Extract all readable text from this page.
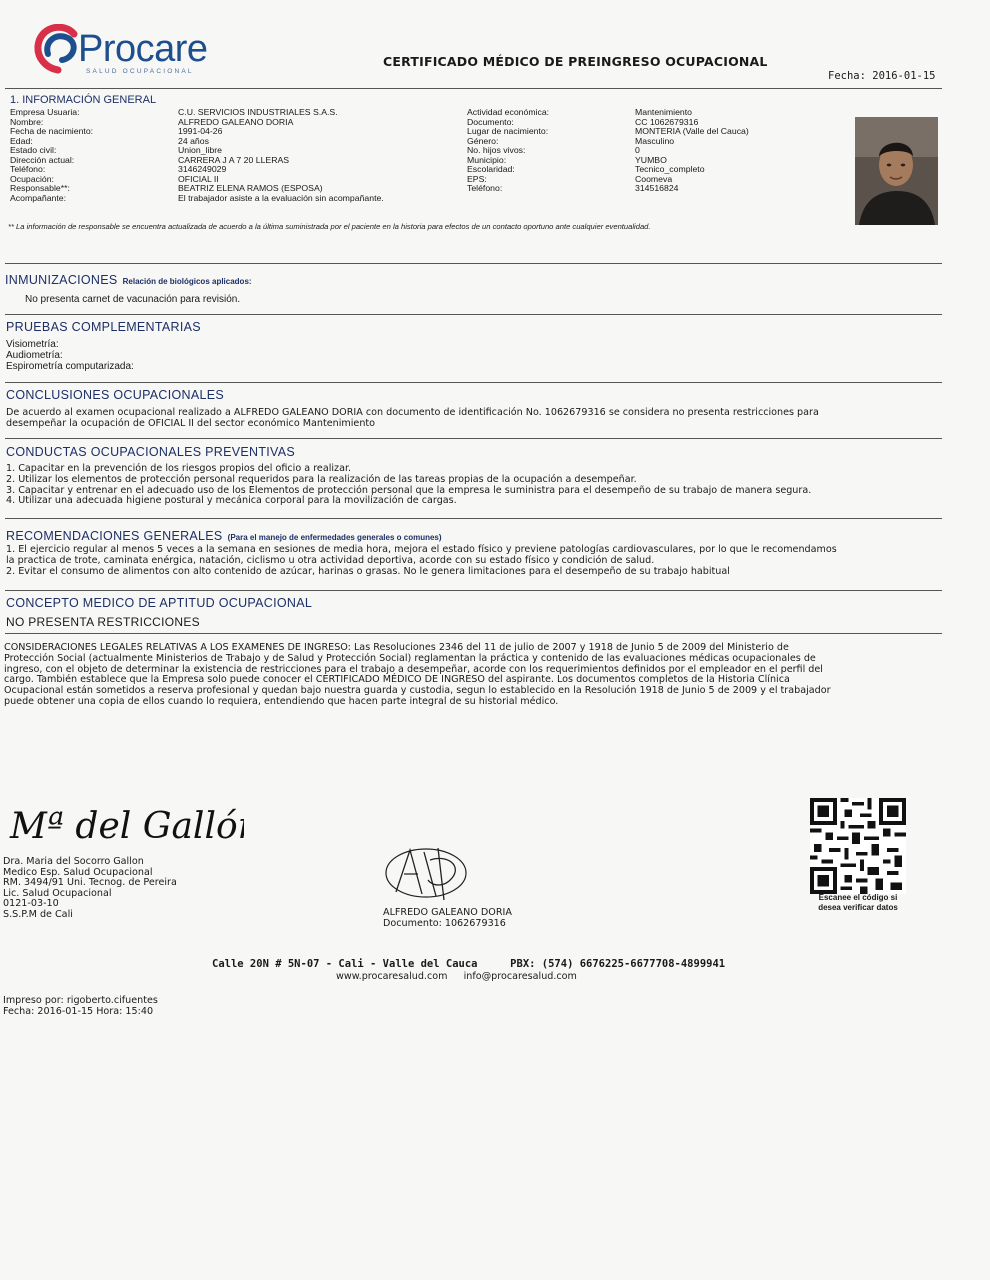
Procare
SALUD OCUPACIONAL
CERTIFICADO MÉDICO DE PREINGRESO OCUPACIONAL
Fecha: 2016-01-15
1. INFORMACIÓN GENERAL
Empresa Usuaria:
Nombre:
Fecha de nacimiento:
Edad:
Estado civil:
Dirección actual:
Teléfono:
Ocupación:
Responsable**:
Acompañante:
C.U. SERVICIOS INDUSTRIALES S.A.S.
ALFREDO GALEANO DORIA
1991-04-26
24 años
Union_libre
CARRERA J A 7 20 LLERAS
3146249029
OFICIAL II
BEATRIZ ELENA RAMOS (ESPOSA)
El trabajador asiste a la evaluación sin acompañante.
Actividad económica:
Documento:
Lugar de nacimiento:
Género:
No. hijos vivos:
Municipio:
Escolaridad:
EPS:
Teléfono:
Mantenimiento
CC 1062679316
MONTERIA (Valle del Cauca)
Masculino
0
YUMBO
Tecnico_completo
Coomeva
314516824
** La información de responsable se encuentra actualizada de acuerdo a la última suministrada por el paciente en la historia para efectos de un contacto oportuno ante cualquier eventualidad.
INMUNIZACIONES Relación de biológicos aplicados:
No presenta carnet de vacunación para revisión.
PRUEBAS COMPLEMENTARIAS
Visiometría:
Audiometría:
Espirometría computarizada:
CONCLUSIONES OCUPACIONALES
De acuerdo al examen ocupacional realizado a ALFREDO GALEANO DORIA con documento de identificación No. 1062679316 se considera no presenta restricciones para
desempeñar la ocupación de OFICIAL II del sector económico Mantenimiento
CONDUCTAS OCUPACIONALES PREVENTIVAS
1. Capacitar en la prevención de los riesgos propios del oficio a realizar.
2. Utilizar los elementos de protección personal requeridos para la realización de las tareas propias de la ocupación a desempeñar.
3. Capacitar y entrenar en el adecuado uso de los Elementos de protección personal que la empresa le suministra para el desempeño de su trabajo de manera segura.
4. Utilizar una adecuada higiene postural y mecánica corporal para la movilización de cargas.
RECOMENDACIONES GENERALES (Para el manejo de enfermedades generales o comunes)
1. El ejercicio regular al menos 5 veces a la semana en sesiones de media hora, mejora el estado físico y previene patologías cardiovasculares, por lo que le recomendamos
la practica de trote, caminata enérgica, natación, ciclismo u otra actividad deportiva, acorde con su estado físico y condición de salud.
2. Evitar el consumo de alimentos con alto contenido de azúcar, harinas o grasas. No le genera limitaciones para el desempeño de su trabajo habitual
CONCEPTO MEDICO DE APTITUD OCUPACIONAL
NO PRESENTA RESTRICCIONES
CONSIDERACIONES LEGALES RELATIVAS A LOS EXAMENES DE INGRESO: Las Resoluciones 2346 del 11 de julio de 2007 y 1918 de Junio 5 de 2009 del Ministerio de
Protección Social (actualmente Ministerios de Trabajo y de Salud y Protección Social) reglamentan la práctica y contenido de las evaluaciones médicas ocupacionales de
ingreso, con el objeto de determinar la existencia de restricciones para el trabajo a desempeñar, acorde con los requerimientos definidos por el empleador en el perfil del
cargo. También establece que la Empresa solo puede conocer el CERTIFICADO MÉDICO DE INGRESO del aspirante. Los documentos completos de la Historia Clínica
Ocupacional están sometidos a reserva profesional y quedan bajo nuestra guarda y custodia, segun lo establecido en la Resolución 1918 de Junio 5 de 2009 y el trabajador
puede obtener una copia de ellos cuando lo requiera, entendiendo que hacen parte integral de su historial médico.
Mª del Gallón
Dra. Maria del Socorro Gallon
Medico Esp. Salud Ocupacional
RM. 3494/91 Uni. Tecnog. de Pereira
Lic. Salud Ocupacional
0121-03-10
S.S.P.M de Cali	ALFREDO GALEANO DORIA
Documento: 1062679316
Escanee el código si
desea verificar datos
Calle 20N # 5N-07 - Cali - Valle del Cauca	PBX: (574) 6676225-6677708-4899941
www.procaresalud.com info@procaresalud.com
Impreso por: rigoberto.cifuentes
Fecha: 2016-01-15 Hora: 15:40
